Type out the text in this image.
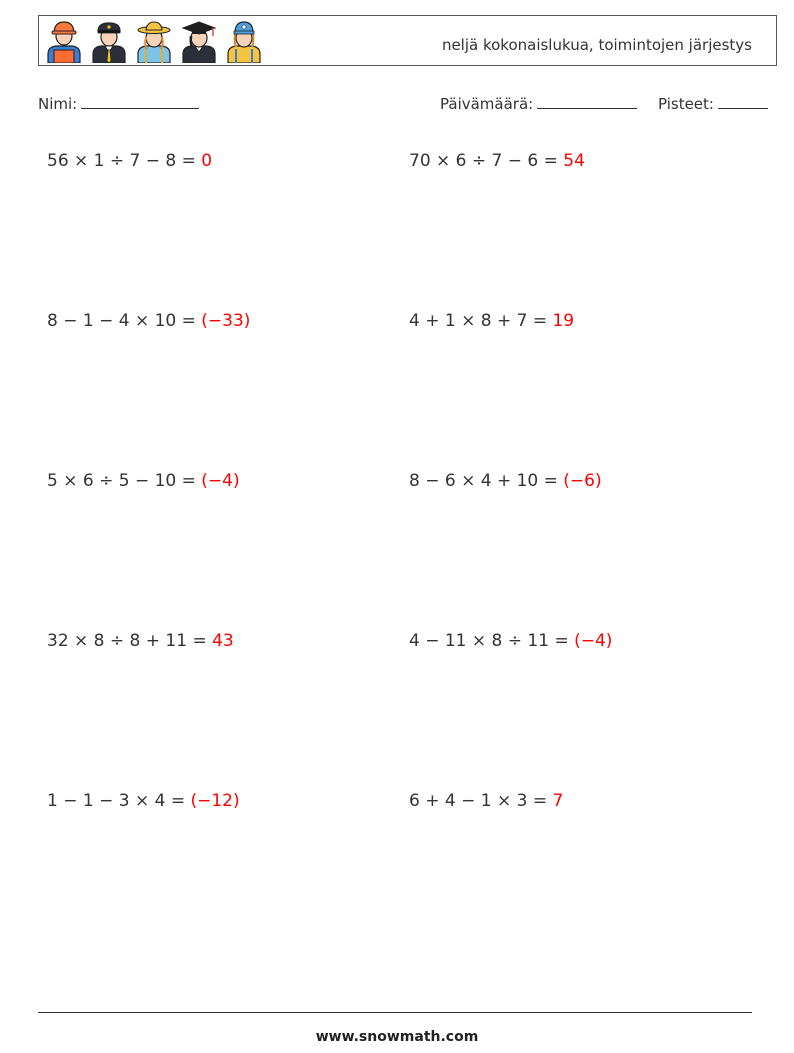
neljä kokonaislukua, toimintojen järjestys
Nimi:	Päivämäärä:	Pisteet:
56 × 1 ÷ 7 − 8 = 0	70 × 6 ÷ 7 − 6 = 54
8 − 1 − 4 × 10 = (−33)	4 + 1 × 8 + 7 = 19
5 × 6 ÷ 5 − 10 = (−4)	8 − 6 × 4 + 10 = (−6)
32 × 8 ÷ 8 + 11 = 43	4 − 11 × 8 ÷ 11 = (−4)
1 − 1 − 3 × 4 = (−12)	6 + 4 − 1 × 3 = 7
www.snowmath.com
